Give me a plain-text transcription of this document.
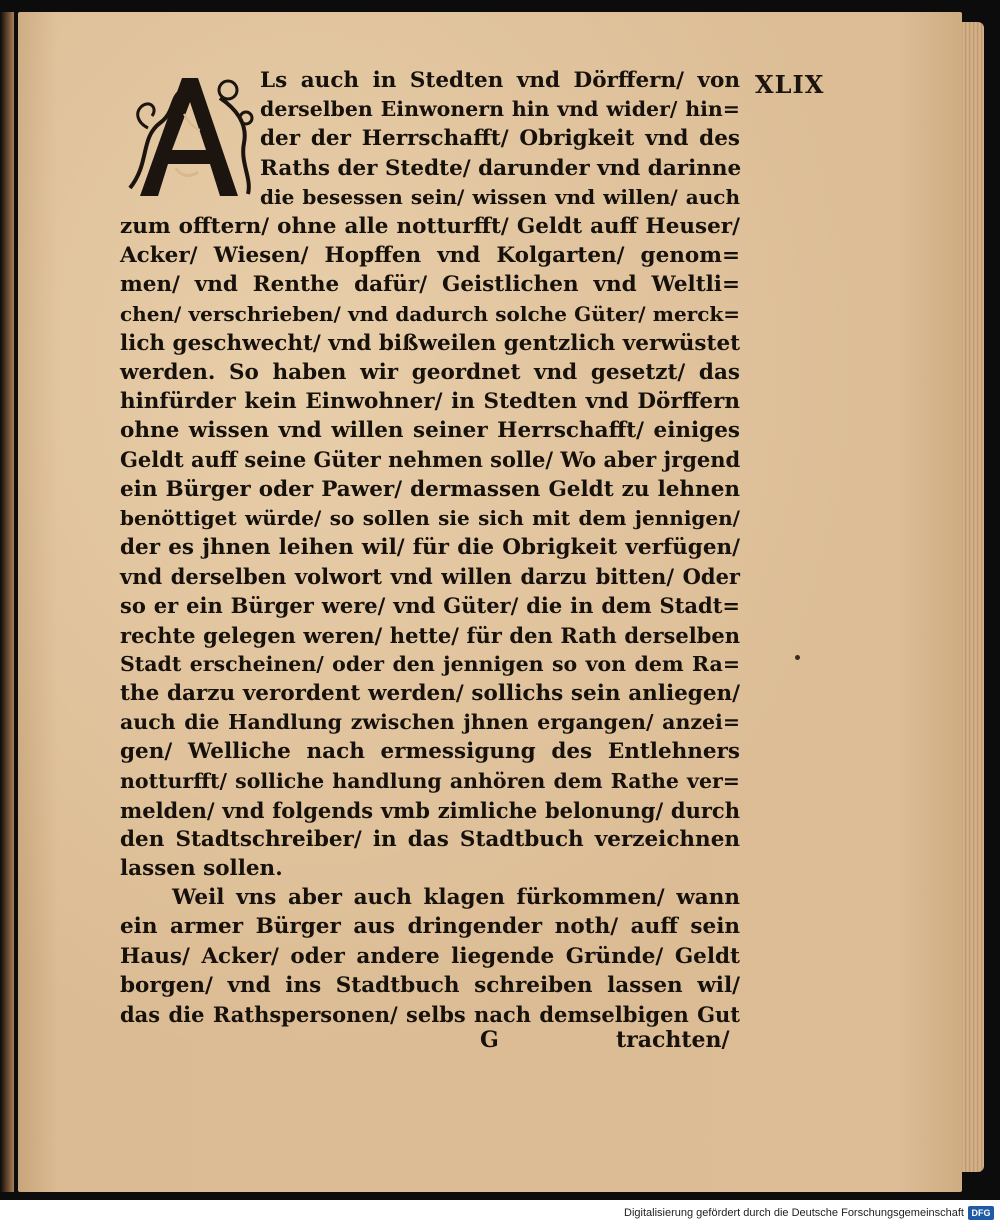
XLIX
Ls auch in Stedten vnd Dörffern/ von
derselben Einwonern hin vnd wider/ hin=
der der Herrschafft/ Obrigkeit vnd des
Raths der Stedte/ darunder vnd darinne
die besessen sein/ wissen vnd willen/ auch
zum offtern/ ohne alle notturfft/ Geldt auff Heuser/
Acker/ Wiesen/ Hopffen vnd Kolgarten/ genom=
men/ vnd Renthe dafür/ Geistlichen vnd Weltli=
chen/ verschrieben/ vnd dadurch solche Güter/ merck=
lich geschwecht/ vnd bißweilen gentzlich verwüstet
werden. So haben wir geordnet vnd gesetzt/ das
hinfürder kein Einwohner/ in Stedten vnd Dörffern
ohne wissen vnd willen seiner Herrschafft/ einiges
Geldt auff seine Güter nehmen solle/ Wo aber jrgend
ein Bürger oder Pawer/ dermassen Geldt zu lehnen
benöttiget würde/ so sollen sie sich mit dem jennigen/
der es jhnen leihen wil/ für die Obrigkeit verfügen/
vnd derselben volwort vnd willen darzu bitten/ Oder
so er ein Bürger were/ vnd Güter/ die in dem Stadt=
rechte gelegen weren/ hette/ für den Rath derselben
Stadt erscheinen/ oder den jennigen so von dem Ra=
the darzu verordent werden/ sollichs sein anliegen/
auch die Handlung zwischen jhnen ergangen/ anzei=
gen/ Welliche nach ermessigung des Entlehners
notturfft/ solliche handlung anhören dem Rathe ver=
melden/ vnd folgends vmb zimliche belonung/ durch
den Stadtschreiber/ in das Stadtbuch verzeichnen
lassen sollen.
Weil vns aber auch klagen fürkommen/ wann
ein armer Bürger aus dringender noth/ auff sein
Haus/ Acker/ oder andere liegende Gründe/ Geldt
borgen/ vnd ins Stadtbuch schreiben lassen wil/
das die Rathspersonen/ selbs nach demselbigen Gut
G	trachten/
Digitalisierung gefördert durch die Deutsche Forschungsgemeinschaft DFG
